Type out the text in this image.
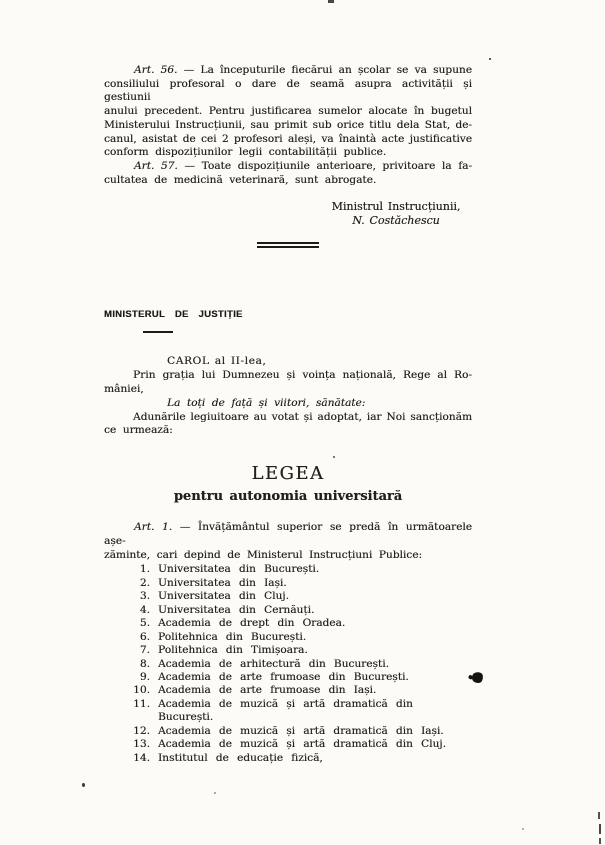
Art. 56. — La începuturile fiecărui an școlar se va supune
consiliului profesoral o dare de seamă asupra activității și gestiunii
anului precedent. Pentru justificarea sumelor alocate în bugetul
Ministerului Instrucțiunii, sau primit sub orice titlu dela Stat, de-
canul, asistat de cei 2 profesori aleși, va înaintà acte justificative
conform dispozițiunilor legii contabilității publice.
Art. 57. — Toate dispozițiunile anterioare, privitoare la fa-
cultatea de medicină veterinară, sunt abrogate.
Ministrul Instrucțiunii,
N. Costăchescu
MINISTERUL DE JUSTIȚIE
CAROL al II-lea,
Prin grația lui Dumnezeu și voința națională, Rege al Ro-
mâniei,
La toți de față și viitori, sănătate:
Adunările legiuitoare au votat și adoptat, iar Noi sancționăm
ce urmează:
LEGEA
pentru autonomia universitară
Art. 1. — Învățământul superior se predă în următoarele așe-
zăminte, cari depind de Ministerul Instrucțiuni Publice:
1. Universitatea din București.
2. Universitatea din Iași.
3. Universitatea din Cluj.
4. Universitatea din Cernăuți.
5. Academia de drept din Oradea.
6. Politehnica din București.
7. Politehnica din Timișoara.
8. Academia de arhitectură din București.
9. Academia de arte frumoase din București.
10. Academia de arte frumoase din Iași.
11. Academia de muzică și artă dramatică din București.
12. Academia de muzică și artă dramatică din Iași.
13. Academia de muzică și artă dramatică din Cluj.
14. Institutul de educație fizică,
